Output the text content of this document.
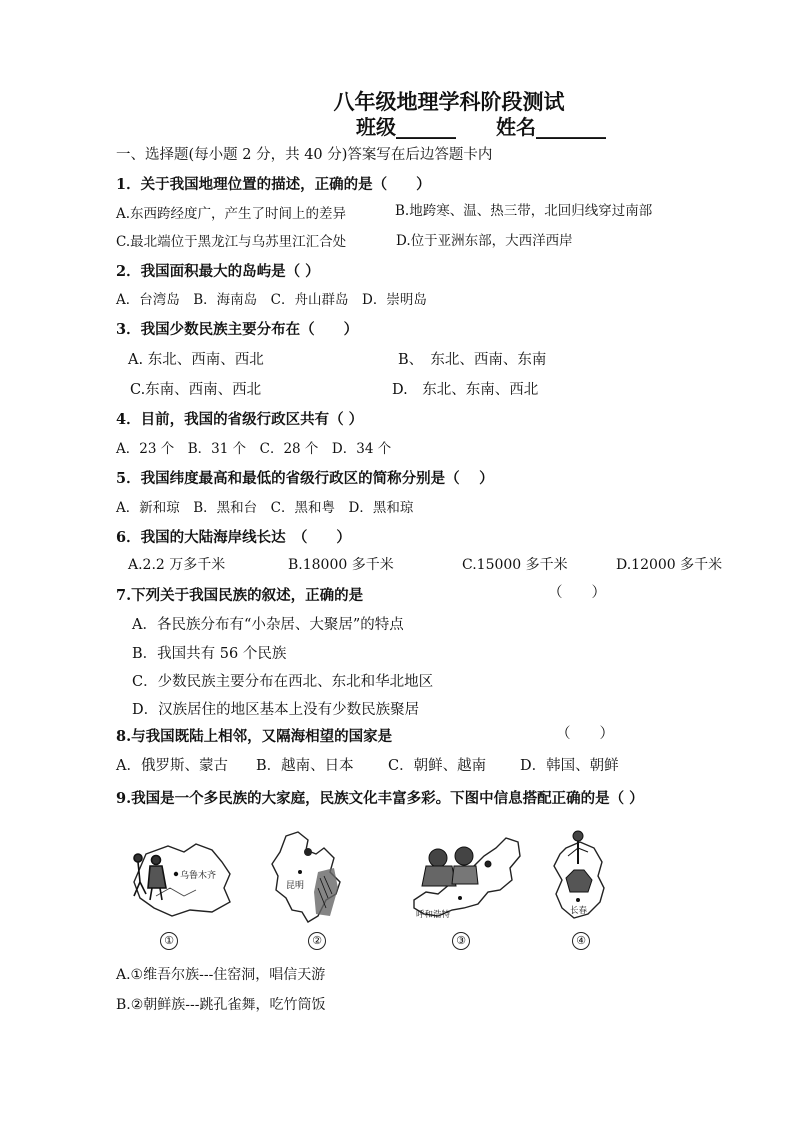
八年级地理学科阶段测试
班级______ 姓名_______
一、选择题(每小题 2 分，共 40 分)答案写在后边答题卡内
1．关于我国地理位置的描述，正确的是（　　）
A.东西跨经度广，产生了时间上的差异	B.地跨寒、温、热三带，北回归线穿过南部
C.最北端位于黑龙江与乌苏里江汇合处	D.位于亚洲东部，大西洋西岸
2．我国面积最大的岛屿是（ ）
A．台湾岛　B．海南岛　C．舟山群岛　D．崇明岛
3．我国少数民族主要分布在（　　）
A. 东北、西南、西北	B、　东北、西南、东南
C.东南、西南、西北	D.　东北、东南、西北
4．目前，我国的省级行政区共有（ ）
A．23 个　B．31 个　C．28 个　D．34 个
5．我国纬度最高和最低的省级行政区的简称分别是（　 ）
A．新和琼　B．黑和台　C．黑和粤　D．黑和琼
6．我国的大陆海岸线长达　（　　）
A.2.2 万多千米	B.18000 多千米	C.15000 多千米	D.12000 多千米
7.下列关于我国民族的叙述，正确的是	（　　）
A．各民族分布有“小杂居、大聚居”的特点
B．我国共有 56 个民族
C．少数民族主要分布在西北、东北和华北地区
D．汉族居住的地区基本上没有少数民族聚居
8.与我国既陆上相邻，又隔海相望的国家是	（　　）
A．俄罗斯、蒙古 B．越南、日本 C．朝鲜、越南 D．韩国、朝鲜
9.我国是一个多民族的大家庭，民族文化丰富多彩。下图中信息搭配正确的是（ ）
乌鲁木齐
①
昆明
②
呼和浩特
③
长春
④
A.①维吾尔族---住窑洞，唱信天游
B.②朝鲜族---跳孔雀舞，吃竹筒饭
